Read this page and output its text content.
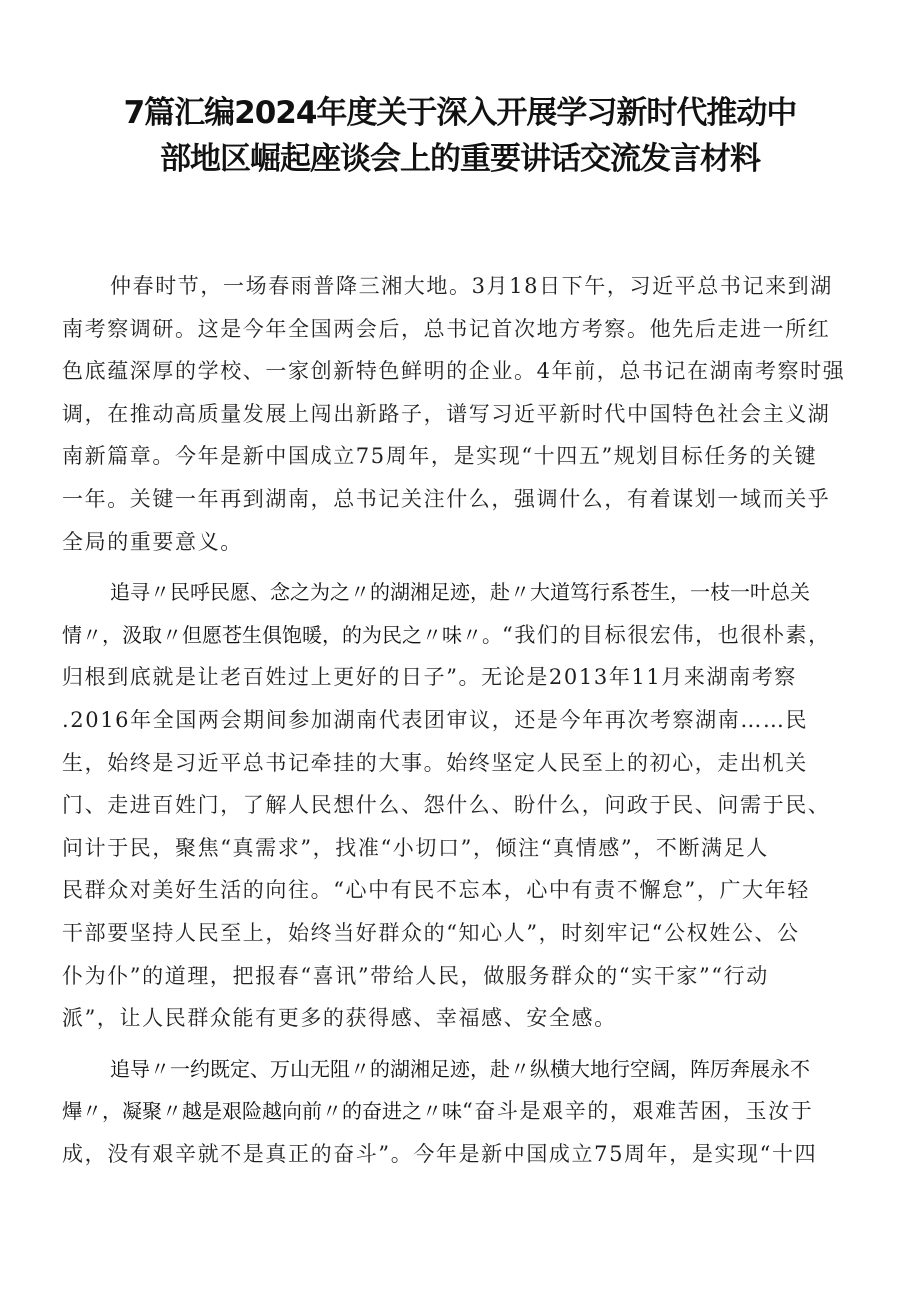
7篇汇编2024年度关于深入开展学习新时代推动中
部地区崛起座谈会上的重要讲话交流发言材料
仲春时节，一场春雨普降三湘大地。3月18日下午，习近平总书记来到湖
南考察调研。这是今年全国两会后，总书记首次地方考察。他先后走进一所红
色底蕴深厚的学校、一家创新特色鲜明的企业。4年前，总书记在湖南考察时强
调，在推动高质量发展上闯出新路子，谱写习近平新时代中国特色社会主义湖
南新篇章。今年是新中国成立75周年，是实现“十四五”规划目标任务的关键
一年。关键一年再到湖南，总书记关注什么，强调什么，有着谋划一域而关乎
全局的重要意义。
追寻〃民呼民愿、念之为之〃的湖湘足迹，赴〃大道笃行系苍生，一枝一叶总关
情〃，汲取〃但愿苍生俱饱暖，的为民之〃味〃。“我们的目标很宏伟，也很朴素，
归根到底就是让老百姓过上更好的日子”。无论是2013年11月来湖南考察
.2016年全国两会期间参加湖南代表团审议，还是今年再次考察湖南……民
生，始终是习近平总书记牵挂的大事。始终坚定人民至上的初心，走出机关
门、走进百姓门，了解人民想什么、怨什么、盼什么，问政于民、问需于民、
问计于民，聚焦“真需求”，找准“小切口”，倾注“真情感”，不断满足人
民群众对美好生活的向往。“心中有民不忘本，心中有责不懈怠”，广大年轻
干部要坚持人民至上，始终当好群众的“知心人”，时刻牢记“公权姓公、公
仆为仆”的道理，把报春“喜讯”带给人民，做服务群众的“实干家”“行动
派”，让人民群众能有更多的获得感、幸福感、安全感。
追导〃一约既定、万山无阻〃的湖湘足迹，赴〃纵横大地行空阔，阵厉奔展永不
㷸〃，凝聚〃越是艰险越向前〃的奋进之〃味“奋斗是艰辛的，艰难苦困，玉汝于
成，没有艰辛就不是真正的奋斗”。今年是新中国成立75周年，是实现“十四
